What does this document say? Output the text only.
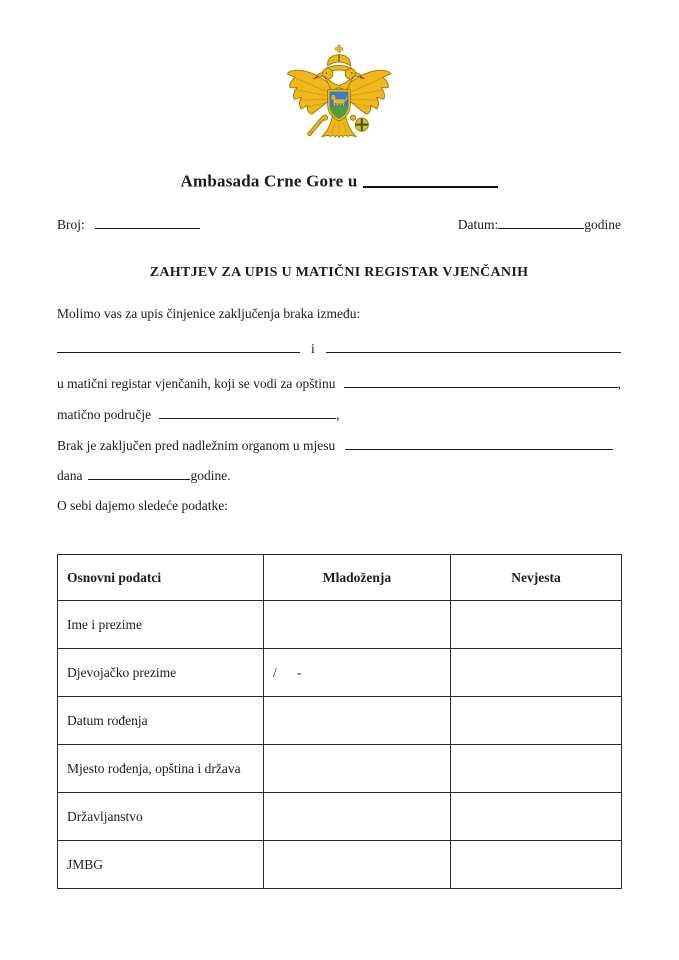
Ambasada Crne Gore u
Broj:	Datum:	godine
ZAHTJEV ZA UPIS U MATIČNI REGISTAR VJENČANIH
Molimo vas za upis činjenice zaključenja braka između:
i
u matični registar vjenčanih, koji se vodi za opštinu	,
matično područje	,
Brak je zaključen pred nadležnim organom u mjesu
dana	godine.
O sebi dajemo sledeće podatke:
Osnovni podatci	Mladoženja	Nevjesta
Ime i prezime		
Djevojačko prezime	/      -	
Datum rođenja		
Mjesto rođenja, opština i država		
Državljanstvo		
JMBG		
